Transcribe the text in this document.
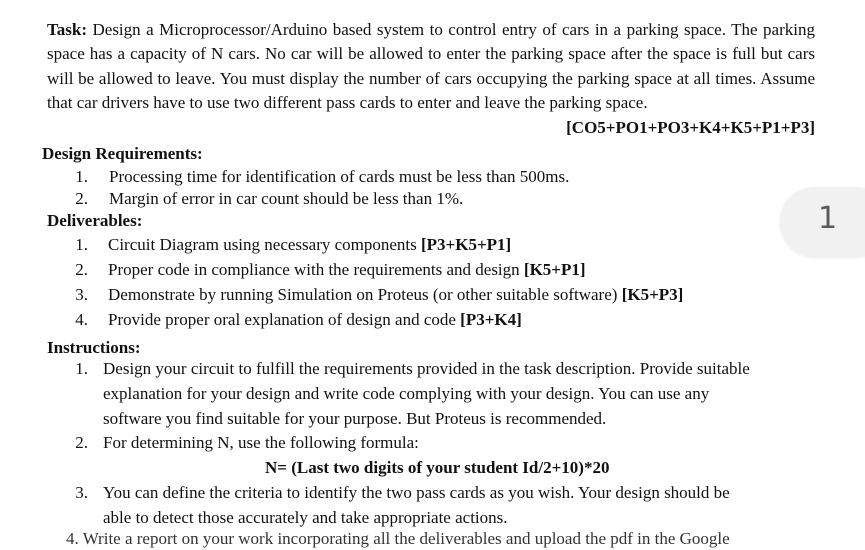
Task: Design a Microprocessor/Arduino based system to control entry of cars in a parking space. The parking space has a capacity of N cars. No car will be allowed to enter the parking space after the space is full but cars will be allowed to leave. You must display the number of cars occupying the parking space at all times. Assume that car drivers have to use two different pass cards to enter and leave the parking space.
[CO5+PO1+PO3+K4+K5+P1+P3]
Design Requirements:
1. Processing time for identification of cards must be less than 500ms.
2. Margin of error in car count should be less than 1%.
Deliverables:
1. Circuit Diagram using necessary components [P3+K5+P1]
2. Proper code in compliance with the requirements and design [K5+P1]
3. Demonstrate by running Simulation on Proteus (or other suitable software) [K5+P3]
4. Provide proper oral explanation of design and code [P3+K4]
Instructions:
1. Design your circuit to fulfill the requirements provided in the task description. Provide suitable
explanation for your design and write code complying with your design. You can use any
software you find suitable for your purpose. But Proteus is recommended.
2. For determining N, use the following formula:
N= (Last two digits of your student Id/2+10)*20
3. You can define the criteria to identify the two pass cards as you wish. Your design should be
able to detect those accurately and take appropriate actions.
4. Write a report on your work incorporating all the deliverables and upload the pdf in the Google
1
